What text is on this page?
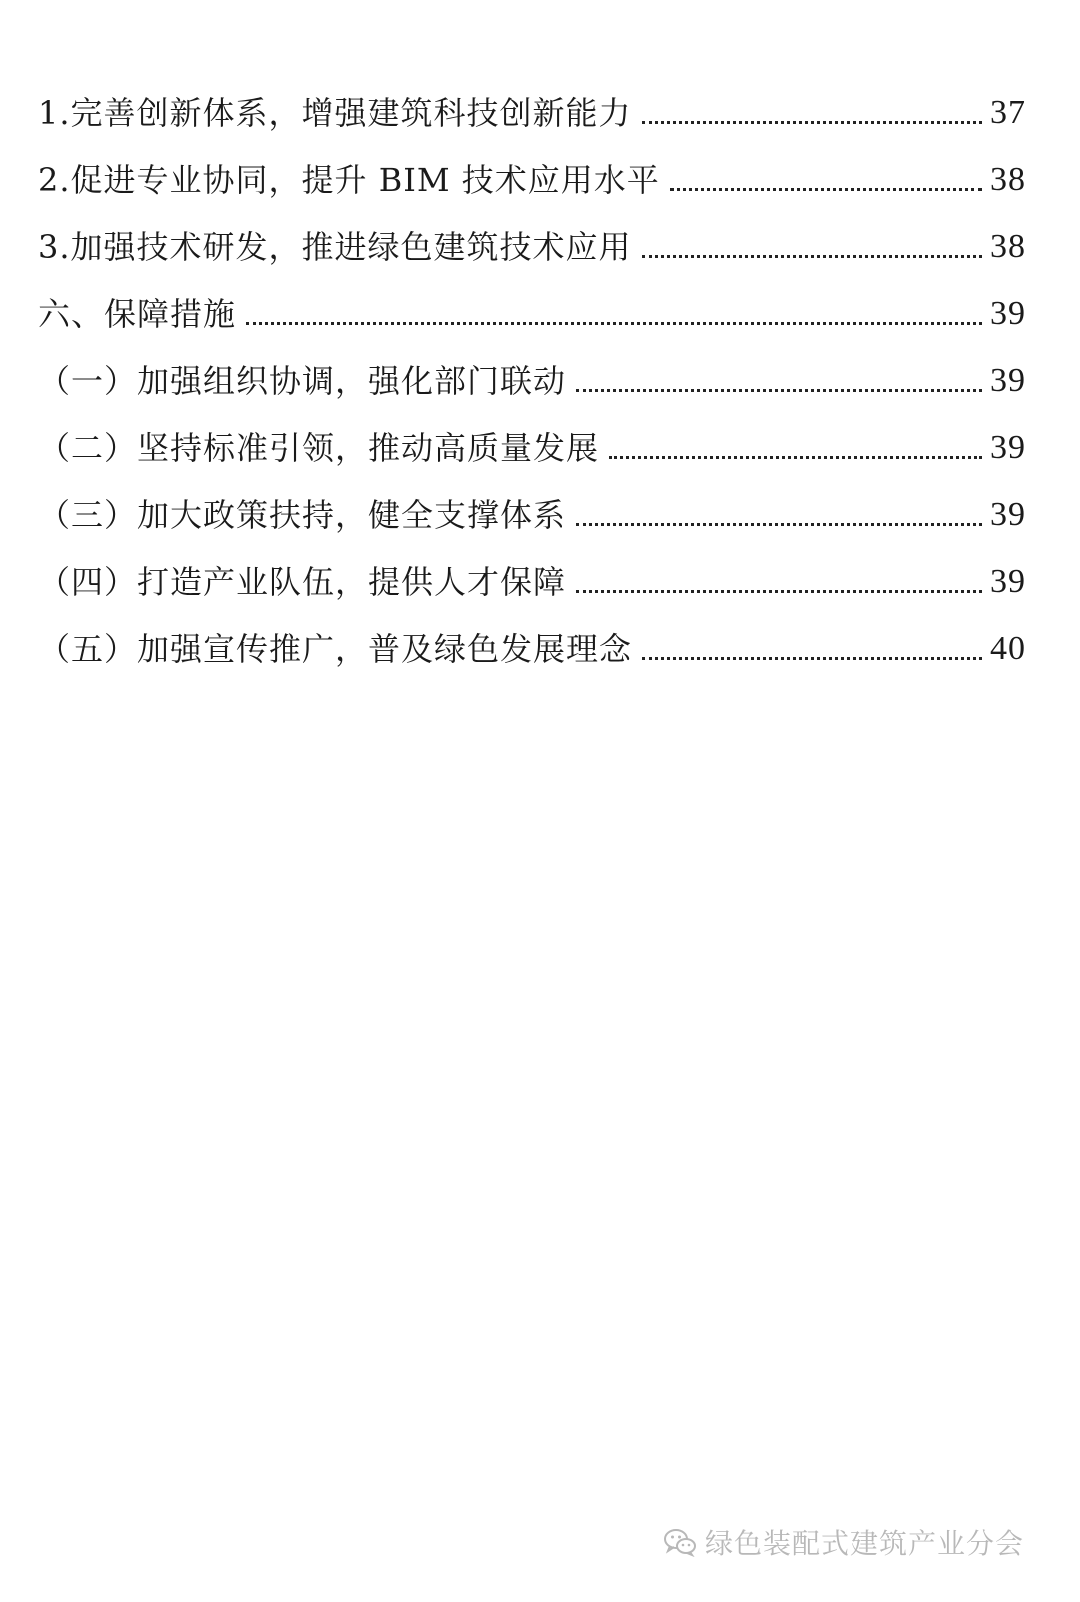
1.完善创新体系，增强建筑科技创新能力	37
2.促进专业协同，提升 BIM 技术应用水平	38
3.加强技术研发，推进绿色建筑技术应用	38
六、保障措施	39
（一）加强组织协调，强化部门联动	39
（二）坚持标准引领，推动高质量发展	39
（三）加大政策扶持，健全支撑体系	39
（四）打造产业队伍，提供人才保障	39
（五）加强宣传推广，普及绿色发展理念	40
绿色装配式建筑产业分会
